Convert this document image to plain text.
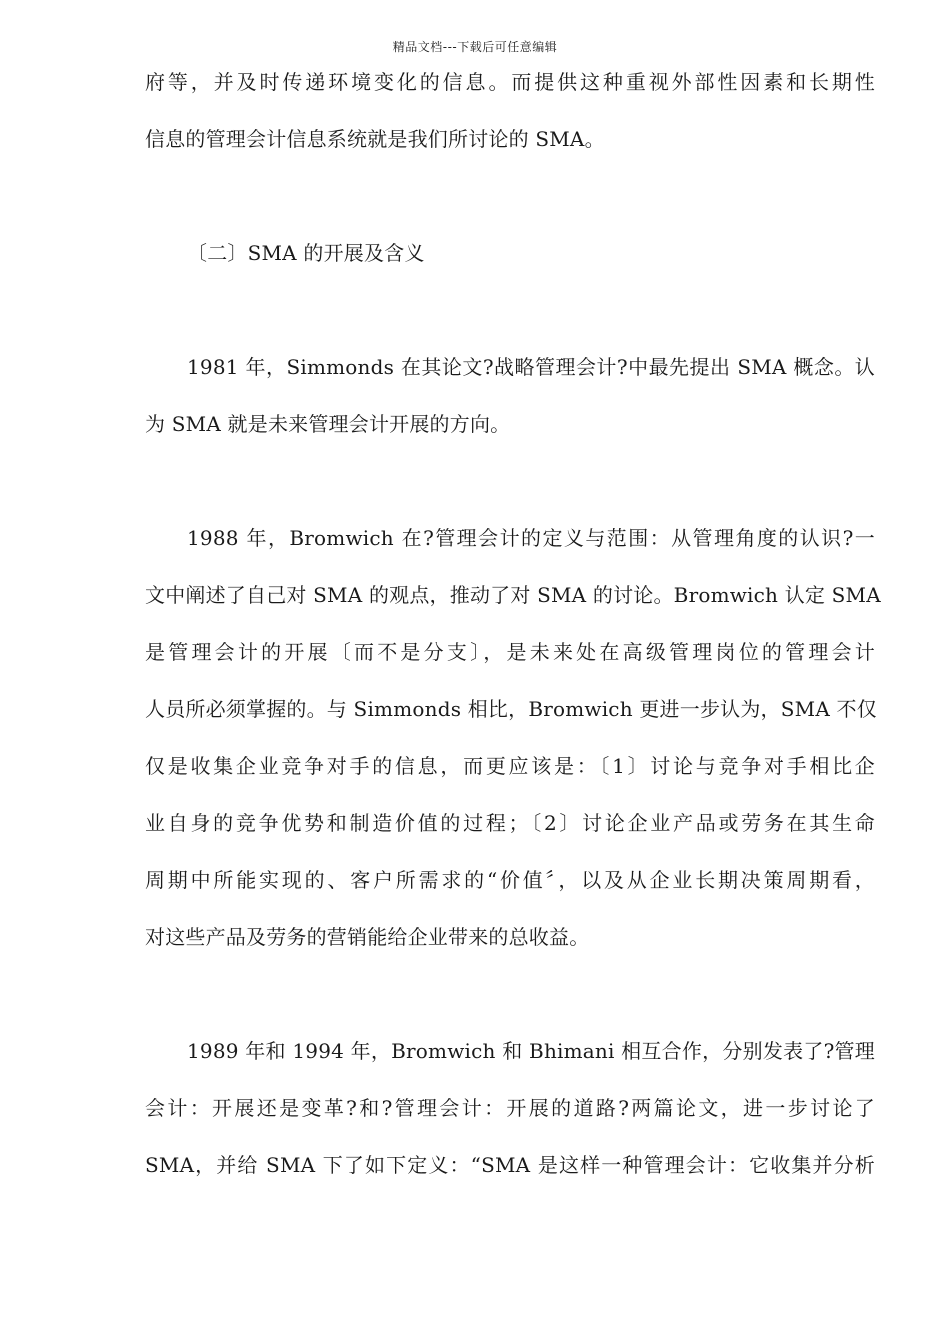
精品文档---下载后可任意编辑
府等，并及时传递环境变化的信息。而提供这种重视外部性因素和长期性
信息的管理会计信息系统就是我们所讨论的 SMA。
〔二〕SMA 的开展及含义
1981 年，Simmonds 在其论文?战略管理会计?中最先提出 SMA 概念。认
为 SMA 就是未来管理会计开展的方向。
1988 年，Bromwich 在?管理会计的定义与范围：从管理角度的认识?一
文中阐述了自己对 SMA 的观点，推动了对 SMA 的讨论。Bromwich 认定 SMA
是管理会计的开展〔而不是分支〕，是未来处在高级管理岗位的管理会计
人员所必须掌握的。与 Simmonds 相比，Bromwich 更进一步认为，SMA 不仅
仅是收集企业竞争对手的信息，而更应该是：〔1〕讨论与竞争对手相比企
业自身的竞争优势和制造价值的过程；〔2〕讨论企业产品或劳务在其生命
周期中所能实现的、客户所需求的“价值〞，以及从企业长期决策周期看，
对这些产品及劳务的营销能给企业带来的总收益。
1989 年和 1994 年，Bromwich 和 Bhimani 相互合作，分别发表了?管理
会计：开展还是变革?和?管理会计：开展的道路?两篇论文，进一步讨论了
SMA，并给 SMA 下了如下定义：“SMA 是这样一种管理会计：它收集并分析
